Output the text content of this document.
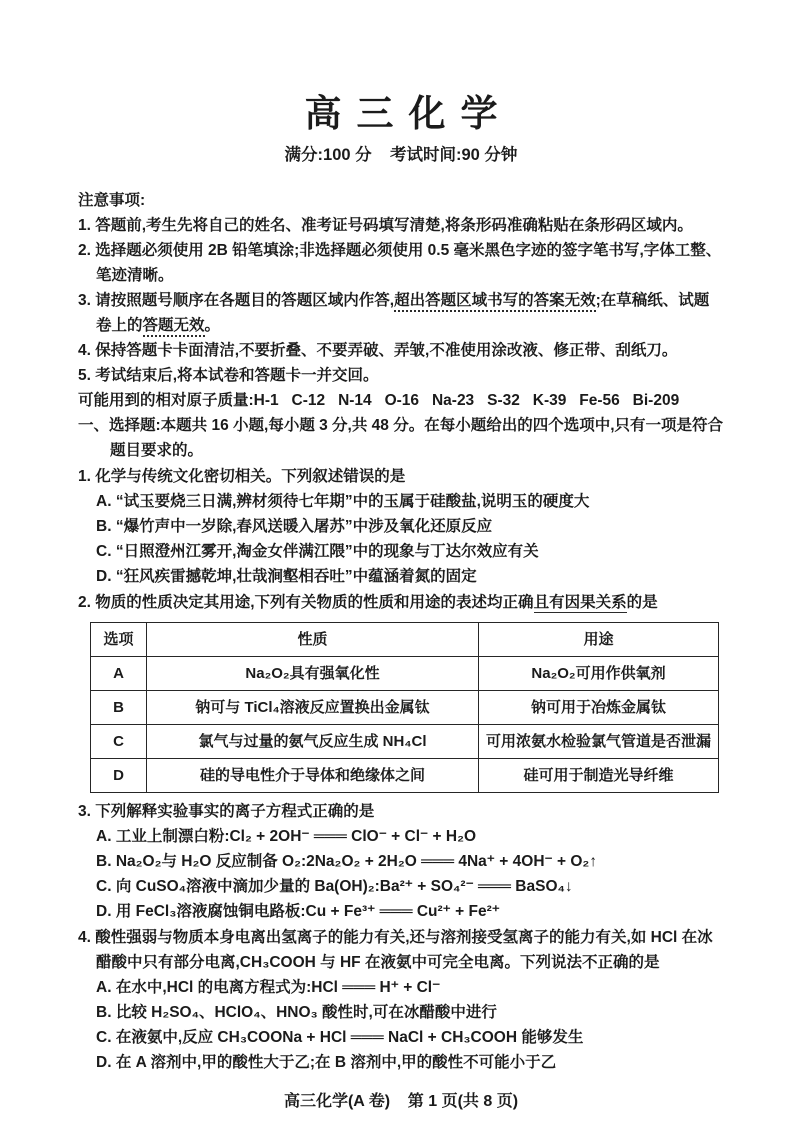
高三化学
满分:100 分    考试时间:90 分钟
注意事项:
1. 答题前,考生先将自己的姓名、准考证号码填写清楚,将条形码准确粘贴在条形码区域内。
2. 选择题必须使用 2B 铅笔填涂;非选择题必须使用 0.5 毫米黑色字迹的签字笔书写,字体工整、笔迹清晰。
3. 请按照题号顺序在各题目的答题区域内作答,超出答题区域书写的答案无效;在草稿纸、试题卷上的答题无效。
4. 保持答题卡卡面清洁,不要折叠、不要弄破、弄皱,不准使用涂改液、修正带、刮纸刀。
5. 考试结束后,将本试卷和答题卡一并交回。
可能用到的相对原子质量:H-1   C-12   N-14   O-16   Na-23   S-32   K-39   Fe-56   Bi-209
一、选择题:本题共 16 小题,每小题 3 分,共 48 分。在每小题给出的四个选项中,只有一项是符合题目要求的。
1. 化学与传统文化密切相关。下列叙述错误的是
A. “试玉要烧三日满,辨材须待七年期”中的玉属于硅酸盐,说明玉的硬度大
B. “爆竹声中一岁除,春风送暖入屠苏”中涉及氧化还原反应
C. “日照澄州江雾开,淘金女伴满江隈”中的现象与丁达尔效应有关
D. “狂风疾雷撼乾坤,壮哉涧壑相吞吐”中蕴涵着氮的固定
2. 物质的性质决定其用途,下列有关物质的性质和用途的表述均正确且有因果关系的是
选项	性质	用途
A	Na₂O₂具有强氧化性	Na₂O₂可用作供氧剂
B	钠可与 TiCl₄溶液反应置换出金属钛	钠可用于冶炼金属钛
C	氯气与过量的氨气反应生成 NH₄Cl	可用浓氨水检验氯气管道是否泄漏
D	硅的导电性介于导体和绝缘体之间	硅可用于制造光导纤维
3. 下列解释实验事实的离子方程式正确的是
A. 工业上制漂白粉:Cl₂ + 2OH⁻ ═══ ClO⁻ + Cl⁻ + H₂O
B. Na₂O₂与 H₂O 反应制备 O₂:2Na₂O₂ + 2H₂O ═══ 4Na⁺ + 4OH⁻ + O₂↑
C. 向 CuSO₄溶液中滴加少量的 Ba(OH)₂:Ba²⁺ + SO₄²⁻ ═══ BaSO₄↓
D. 用 FeCl₃溶液腐蚀铜电路板:Cu + Fe³⁺ ═══ Cu²⁺ + Fe²⁺
4. 酸性强弱与物质本身电离出氢离子的能力有关,还与溶剂接受氢离子的能力有关,如 HCl 在冰醋酸中只有部分电离,CH₃COOH 与 HF 在液氨中可完全电离。下列说法不正确的是
A. 在水中,HCl 的电离方程式为:HCl ═══ H⁺ + Cl⁻
B. 比较 H₂SO₄、HClO₄、HNO₃ 酸性时,可在冰醋酸中进行
C. 在液氨中,反应 CH₃COONa + HCl ═══ NaCl + CH₃COOH 能够发生
D. 在 A 溶剂中,甲的酸性大于乙;在 B 溶剂中,甲的酸性不可能小于乙
高三化学(A 卷)    第 1 页(共 8 页)
